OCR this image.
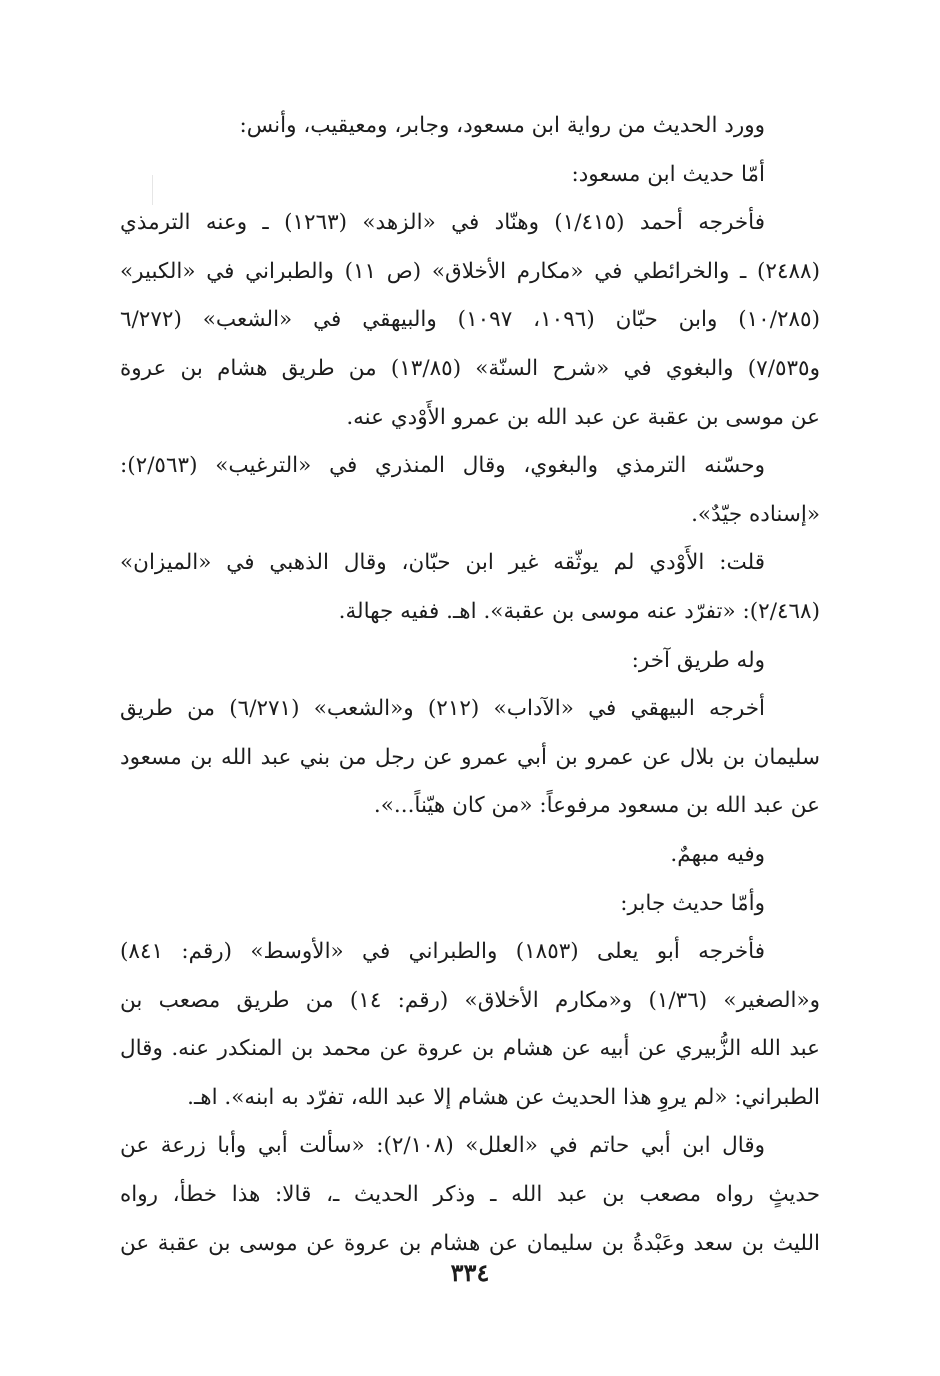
وورد الحديث من رواية ابن مسعود، وجابر، ومعيقيب، وأنس:
أمّا حديث ابن مسعود:
فأخرجه أحمد (١/٤١٥) وهنّاد في «الزهد» (١٢٦٣) ـ وعنه الترمذي
(٢٤٨٨) ـ والخرائطي في «مكارم الأخلاق» (ص ١١) والطبراني في «الكبير»
(١٠/٢٨٥) وابن حبّان (١٠٩٦، ١٠٩٧) والبيهقي في «الشعب» (٦/٢٧٢
و٧/٥٣٥) والبغوي في «شرح السنّة» (١٣/٨٥) من طريق هشام بن عروة
عن موسى بن عقبة عن عبد الله بن عمرو الأَوْدي عنه.
وحسّنه الترمذي والبغوي، وقال المنذري في «الترغيب» (٢/٥٦٣):
«إسناده جيّدٌ».
قلت: الأَوْدي لم يوثّقه غير ابن حبّان، وقال الذهبي في «الميزان»
(٢/٤٦٨): «تفرّد عنه موسى بن عقبة». اهـ. ففيه جهالة.
وله طريق آخر:
أخرجه البيهقي في «الآداب» (٢١٢) و«الشعب» (٦/٢٧١) من طريق
سليمان بن بلال عن عمرو بن أبي عمرو عن رجل من بني عبد الله بن مسعود
عن عبد الله بن مسعود مرفوعاً: «من كان هيّناً...».
وفيه مبهمٌ.
وأمّا حديث جابر:
فأخرجه أبو يعلى (١٨٥٣) والطبراني في «الأوسط» (رقم: ٨٤١)
و«الصغير» (١/٣٦) و«مكارم الأخلاق» (رقم: ١٤) من طريق مصعب بن
عبد الله الزُّبيري عن أبيه عن هشام بن عروة عن محمد بن المنكدر عنه. وقال
الطبراني: «لم يروِ هذا الحديث عن هشام إلا عبد الله، تفرّد به ابنه». اهـ.
وقال ابن أبي حاتم في «العلل» (٢/١٠٨): «سألت أبي وأبا زرعة عن
حديثٍ رواه مصعب بن عبد الله ـ وذكر الحديث ـ، قالا: هذا خطأ، رواه
الليث بن سعد وعَبْدةُ بن سليمان عن هشام بن عروة عن موسى بن عقبة عن
٣٣٤
